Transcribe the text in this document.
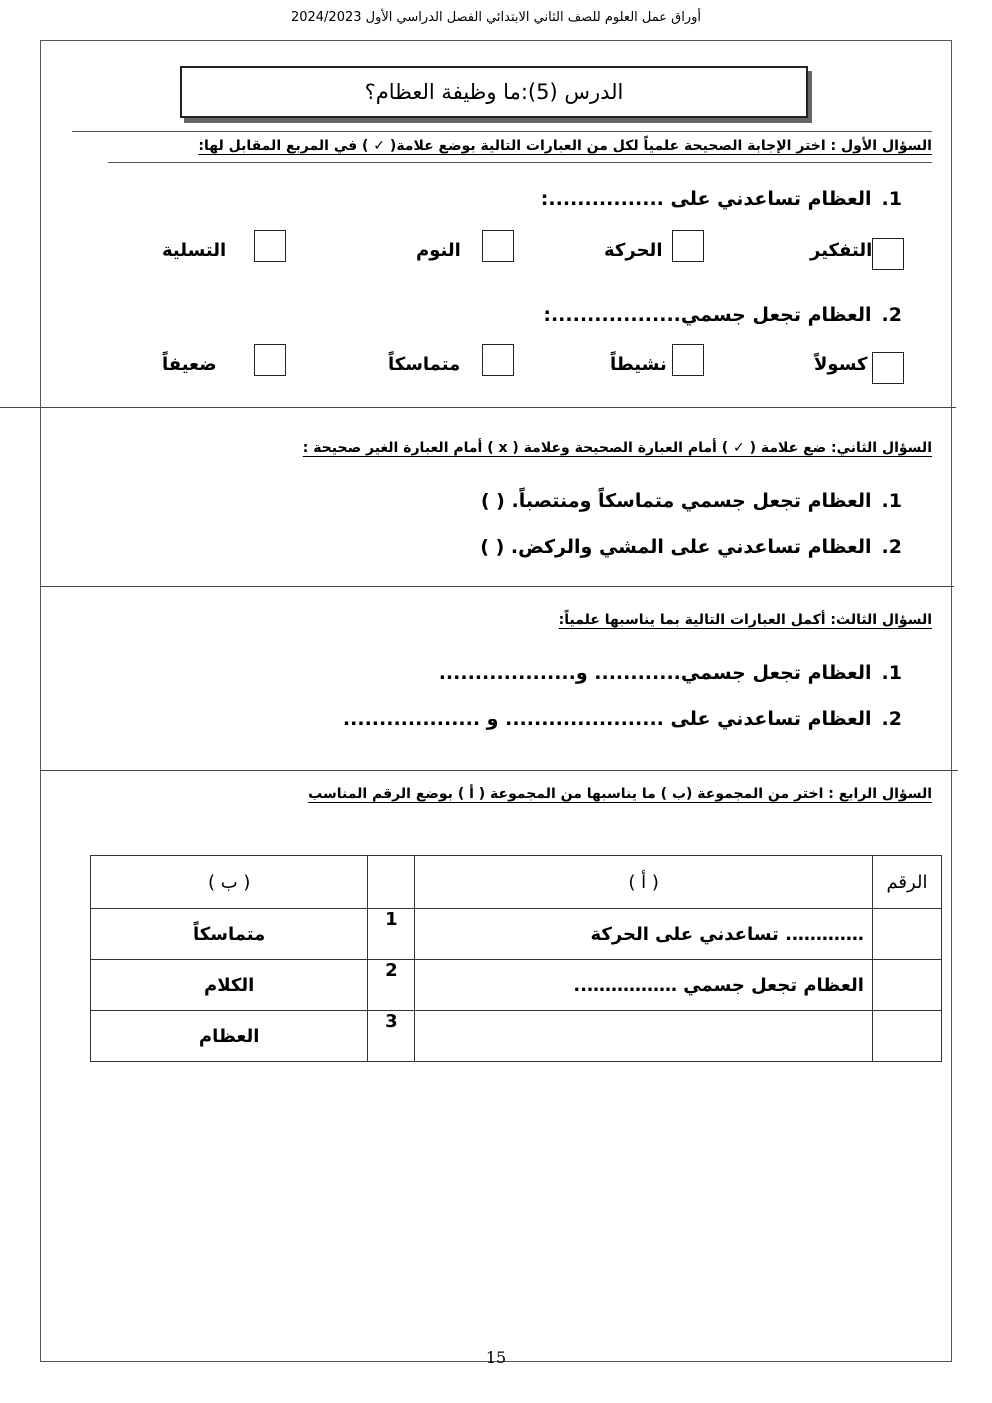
أوراق عمل العلوم للصف الثاني الابتدائي الفصل الدراسي الأول 2024/2023
الدرس (5):ما وظيفة العظام؟
السؤال الأول : اختر الإجابة الصحيحة علمياً لكل من العبارات التالية بوضع علامة( ✓ ) في المربع المقابل لها:
1.العظام تساعدني على ................:
التفكير
الحركة
النوم
التسلية
2.العظام تجعل جسمي..................:
كسولاً
نشيطاً
متماسكاً
ضعيفاً
السؤال الثاني: ضع علامة ( ✓ ) أمام العبارة الصحيحة وعلامة ( x ) أمام العبارة الغير صحيحة :
1.العظام تجعل جسمي متماسكاً ومنتصباً. ( )
2.العظام تساعدني على المشي والركض. ( )
السؤال الثالث: أكمل العبارات التالية بما يناسبها علمياً:
1.العظام تجعل جسمي............ و...................
2.العظام تساعدني على ...................... و ...................
السؤال الرابع : اختر من المجموعة (ب ) ما يناسبها من المجموعة ( أ ) بوضع الرقم المناسب
الرقم	( أ )		( ب )
	…………. تساعدني على الحركة	1	متماسكاً
	العظام تجعل جسمي ……………..	2	الكلام
		3	العظام
15
